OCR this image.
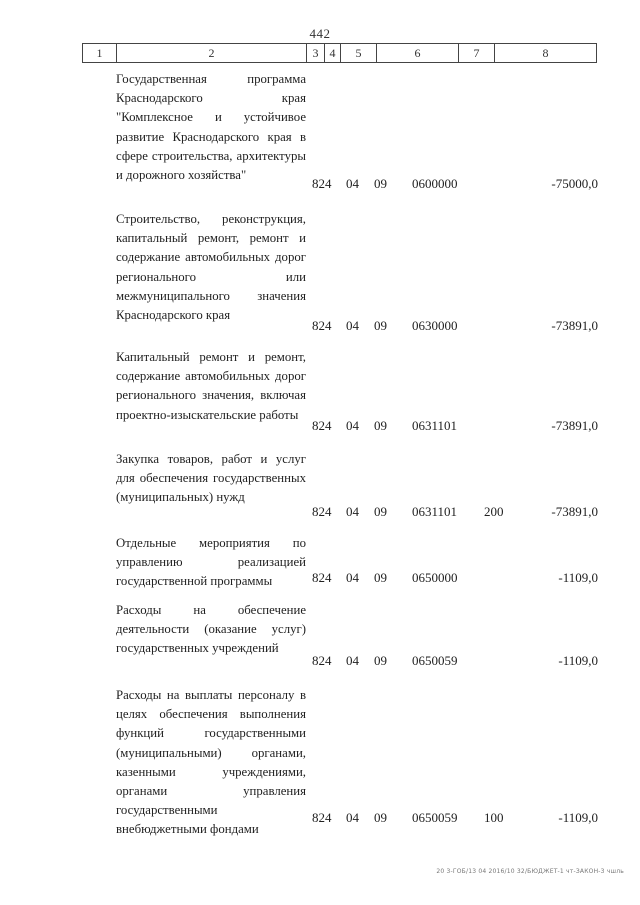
442
1	2	3 4	5	6	7	8
Государственная программа Краснодарского края "Комплексное и устойчивое развитие Краснодарского края в сфере строительства, архитектуры и дорожного хозяйства"
824 04 09 0600000	-75000,0
Строительство, реконструкция, капитальный ремонт, ремонт и содержание автомобильных дорог регионального или межмуниципального значения Краснодарского края
824 04 09 0630000	-73891,0
Капитальный ремонт и ремонт, содержание автомобильных дорог регионального значения, включая проектно-изыскательские работы
824 04 09 0631101	-73891,0
Закупка товаров, работ и услуг для обеспечения государственных (муниципальных) нужд
824 04 09 0631101 200	-73891,0
Отдельные мероприятия по управлению реализацией государственной программы	824 04 09 0650000	-1109,0
Расходы на обеспечение деятельности (оказание услуг) государственных учреждений
824 04 09 0650059	-1109,0
Расходы на выплаты персоналу в целях обеспечения выполнения функций государственными (муниципальными) органами, казенными учреждениями, органами управления государственными внебюджетными фондами
824 04 09 0650059 100	-1109,0
20 3-ГОБ/13 04 2016/10 32/БЮДЖЕТ-1 чт-ЗАКОН-3 чшль
